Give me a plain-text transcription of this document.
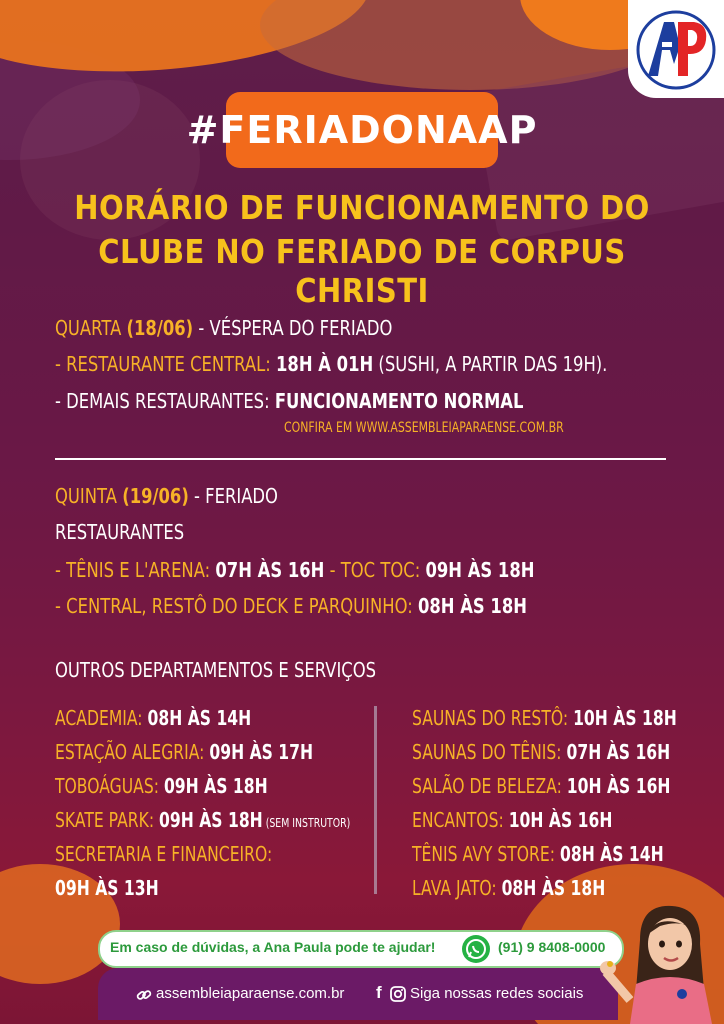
#FERIADONAAP
HORÁRIO DE FUNCIONAMENTO DO
CLUBE NO FERIADO DE CORPUS CHRISTI
QUARTA (18/06) - VÉSPERA DO FERIADO
- RESTAURANTE CENTRAL: 18H À 01H (SUSHI, A PARTIR DAS 19H).
- DEMAIS RESTAURANTES: FUNCIONAMENTO NORMAL
CONFIRA EM WWW.ASSEMBLEIAPARAENSE.COM.BR
QUINTA (19/06) - FERIADO
RESTAURANTES
- TÊNIS E L'ARENA: 07H ÀS 16H - TOC TOC: 09H ÀS 18H
- CENTRAL, RESTÔ DO DECK E PARQUINHO: 08H ÀS 18H
OUTROS DEPARTAMENTOS E SERVIÇOS
ACADEMIA: 08H ÀS 14H
ESTAÇÃO ALEGRIA: 09H ÀS 17H
TOBOÁGUAS: 09H ÀS 18H
SKATE PARK: 09H ÀS 18H (SEM INSTRUTOR)
SECRETARIA E FINANCEIRO:
09H ÀS 13H
SAUNAS DO RESTÔ: 10H ÀS 18H
SAUNAS DO TÊNIS: 07H ÀS 16H
SALÃO DE BELEZA: 10H ÀS 16H
ENCANTOS: 10H ÀS 16H
TÊNIS AVY STORE: 08H ÀS 14H
LAVA JATO: 08H ÀS 18H
Em caso de dúvidas, a Ana Paula pode te ajudar!	(91) 9 8408-0000
assembleiaparaense.com.br f Siga nossas redes sociais
